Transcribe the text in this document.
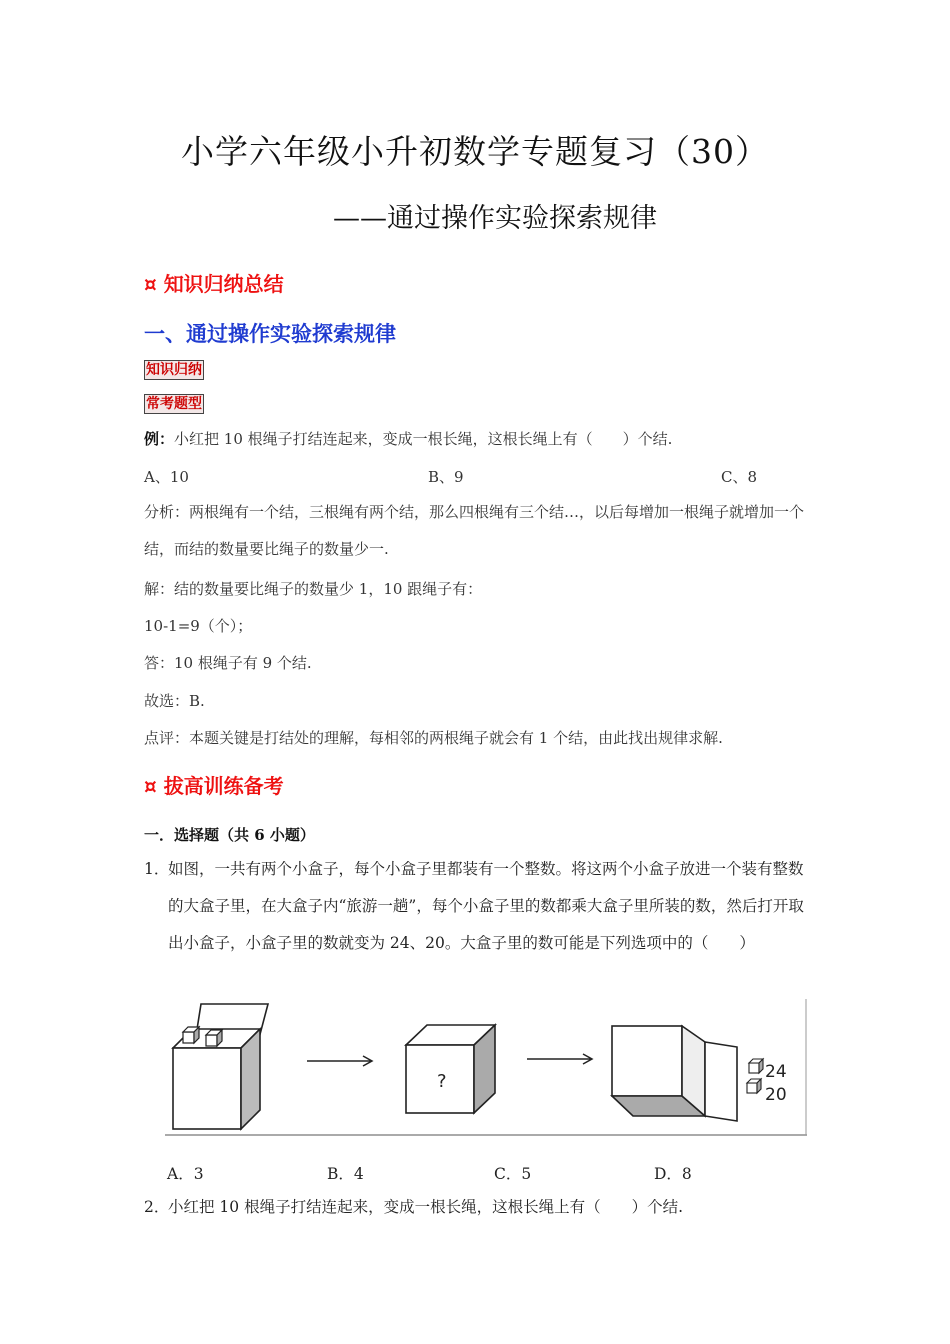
小学六年级小升初数学专题复习（30）
——通过操作实验探索规律
¤ 知识归纳总结
一、通过操作实验探索规律
知识归纳
常考题型
例：小红把 10 根绳子打结连起来，变成一根长绳，这根长绳上有（　　）个结.
A、10	B、9	C、8
分析：两根绳有一个结，三根绳有两个结，那么四根绳有三个结…，以后每增加一根绳子就增加一个结，而结的数量要比绳子的数量少一.
解：结的数量要比绳子的数量少 1，10 跟绳子有：
10-1=9（个）；
答：10 根绳子有 9 个结.
故选：B.
点评：本题关键是打结处的理解，每相邻的两根绳子就会有 1 个结，由此找出规律求解.
¤ 拔高训练备考
一．选择题（共 6 小题）
1．
如图，一共有两个小盒子，每个小盒子里都装有一个整数。将这两个小盒子放进一个装有整数的大盒子里，在大盒子内“旅游一趟”，每个小盒子里的数都乘大盒子里所装的数，然后打开取出小盒子，小盒子里的数就变为 24、20。大盒子里的数可能是下列选项中的（　　）
?	24
20
A．3	B．4	C．5	D．8
2．小红把 10 根绳子打结连起来，变成一根长绳，这根长绳上有（　　）个结.
